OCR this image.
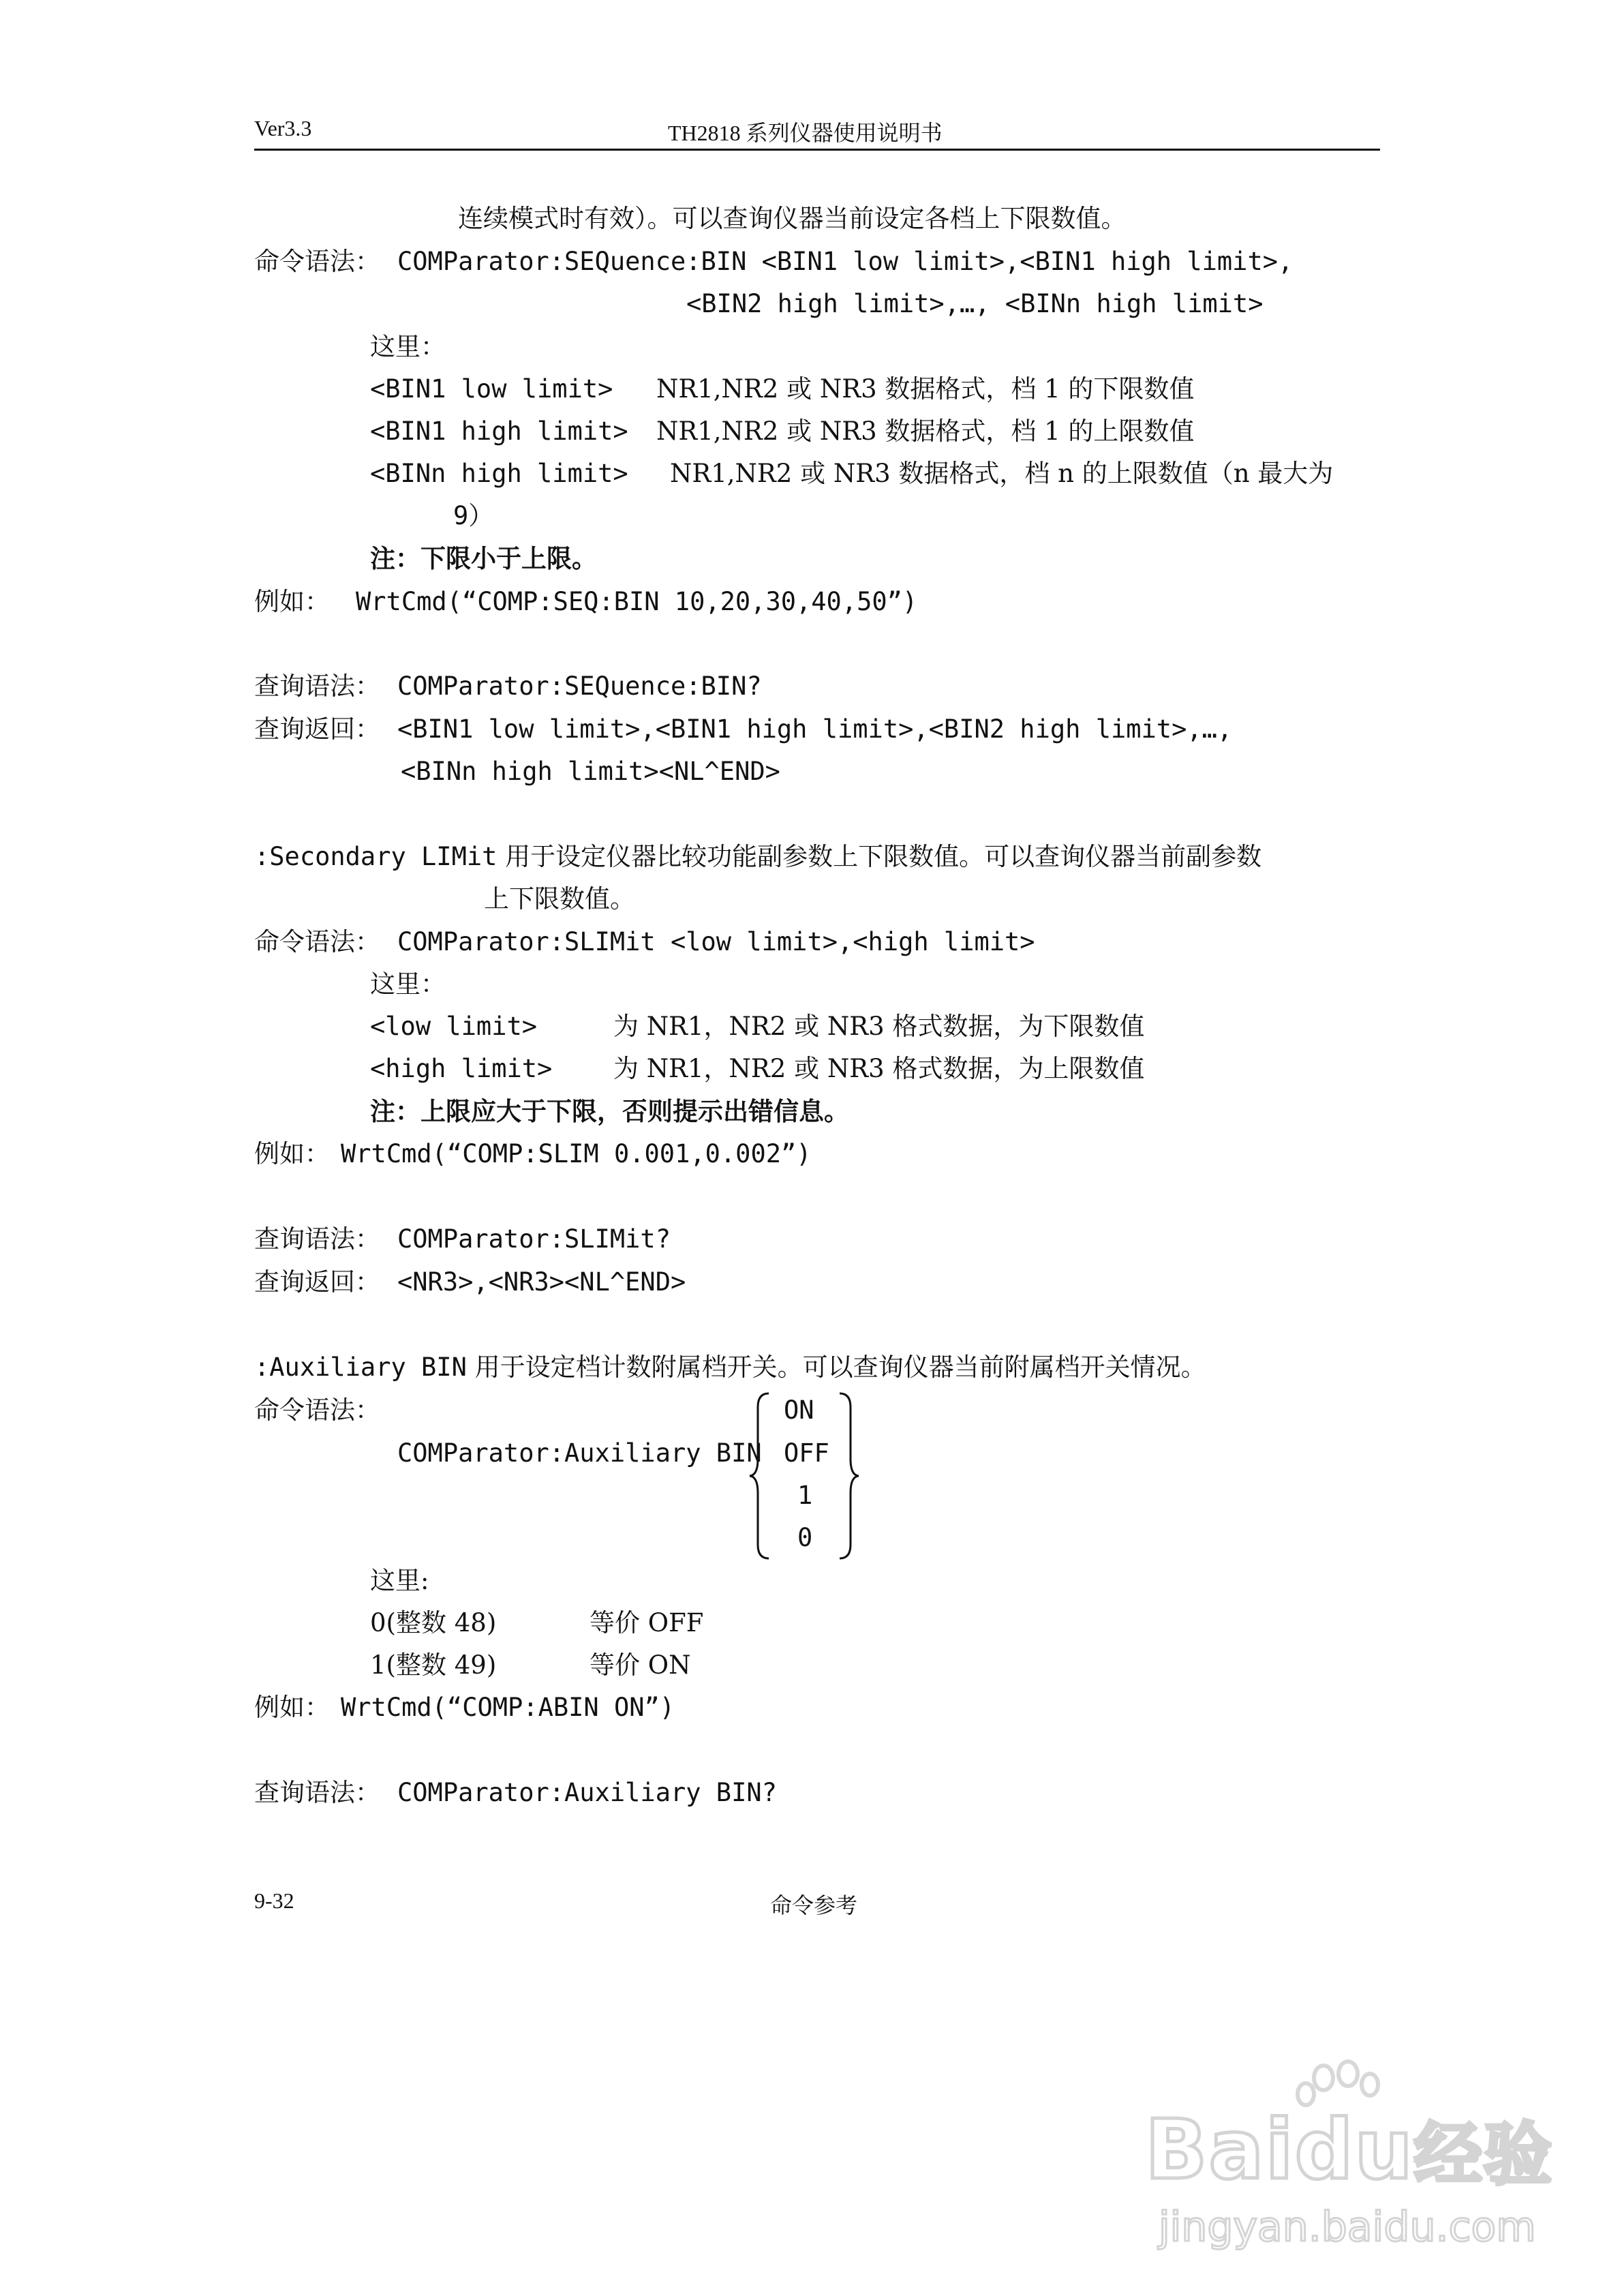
Ver3.3	TH2818 系列仪器使用说明书
连续模式时有效）。可以查询仪器当前设定各档上下限数值。
命令语法： COMParator:SEQuence:BIN <BIN1 low limit>,<BIN1 high limit>,
<BIN2 high limit>,…, <BINn high limit>
这里：
<BIN1 low limit> NR1,NR2 或 NR3 数据格式，档 1 的下限数值
<BIN1 high limit> NR1,NR2 或 NR3 数据格式，档 1 的上限数值
<BINn high limit> NR1,NR2 或 NR3 数据格式，档 n 的上限数值（n 最大为
9）
注：下限小于上限。
例如： WrtCmd(“COMP:SEQ:BIN 10,20,30,40,50”)
查询语法： COMParator:SEQuence:BIN?
查询返回： <BIN1 low limit>,<BIN1 high limit>,<BIN2 high limit>,…,
<BINn high limit><NL^END>
:Secondary LIMit 用于设定仪器比较功能副参数上下限数值。可以查询仪器当前副参数
上下限数值。
命令语法： COMParator:SLIMit <low limit>,<high limit>
这里：
<low limit>	为 NR1，NR2 或 NR3 格式数据，为下限数值
<high limit> 为 NR1，NR2 或 NR3 格式数据，为上限数值
注：上限应大于下限，否则提示出错信息。
例如： WrtCmd(“COMP:SLIM 0.001,0.002”)
查询语法： COMParator:SLIMit?
查询返回： <NR3>,<NR3><NL^END>
:Auxiliary BIN 用于设定档计数附属档开关。可以查询仪器当前附属档开关情况。
命令语法：
COMParator:Auxiliary BIN
ON
OFF
1
0
这里:
0(整数 48)	等价 OFF
1(整数 49)	等价 ON
例如： WrtCmd(“COMP:ABIN ON”)
查询语法： COMParator:Auxiliary BIN?
9-32	命令参考
Baidu经验
jingyan.baidu.com
